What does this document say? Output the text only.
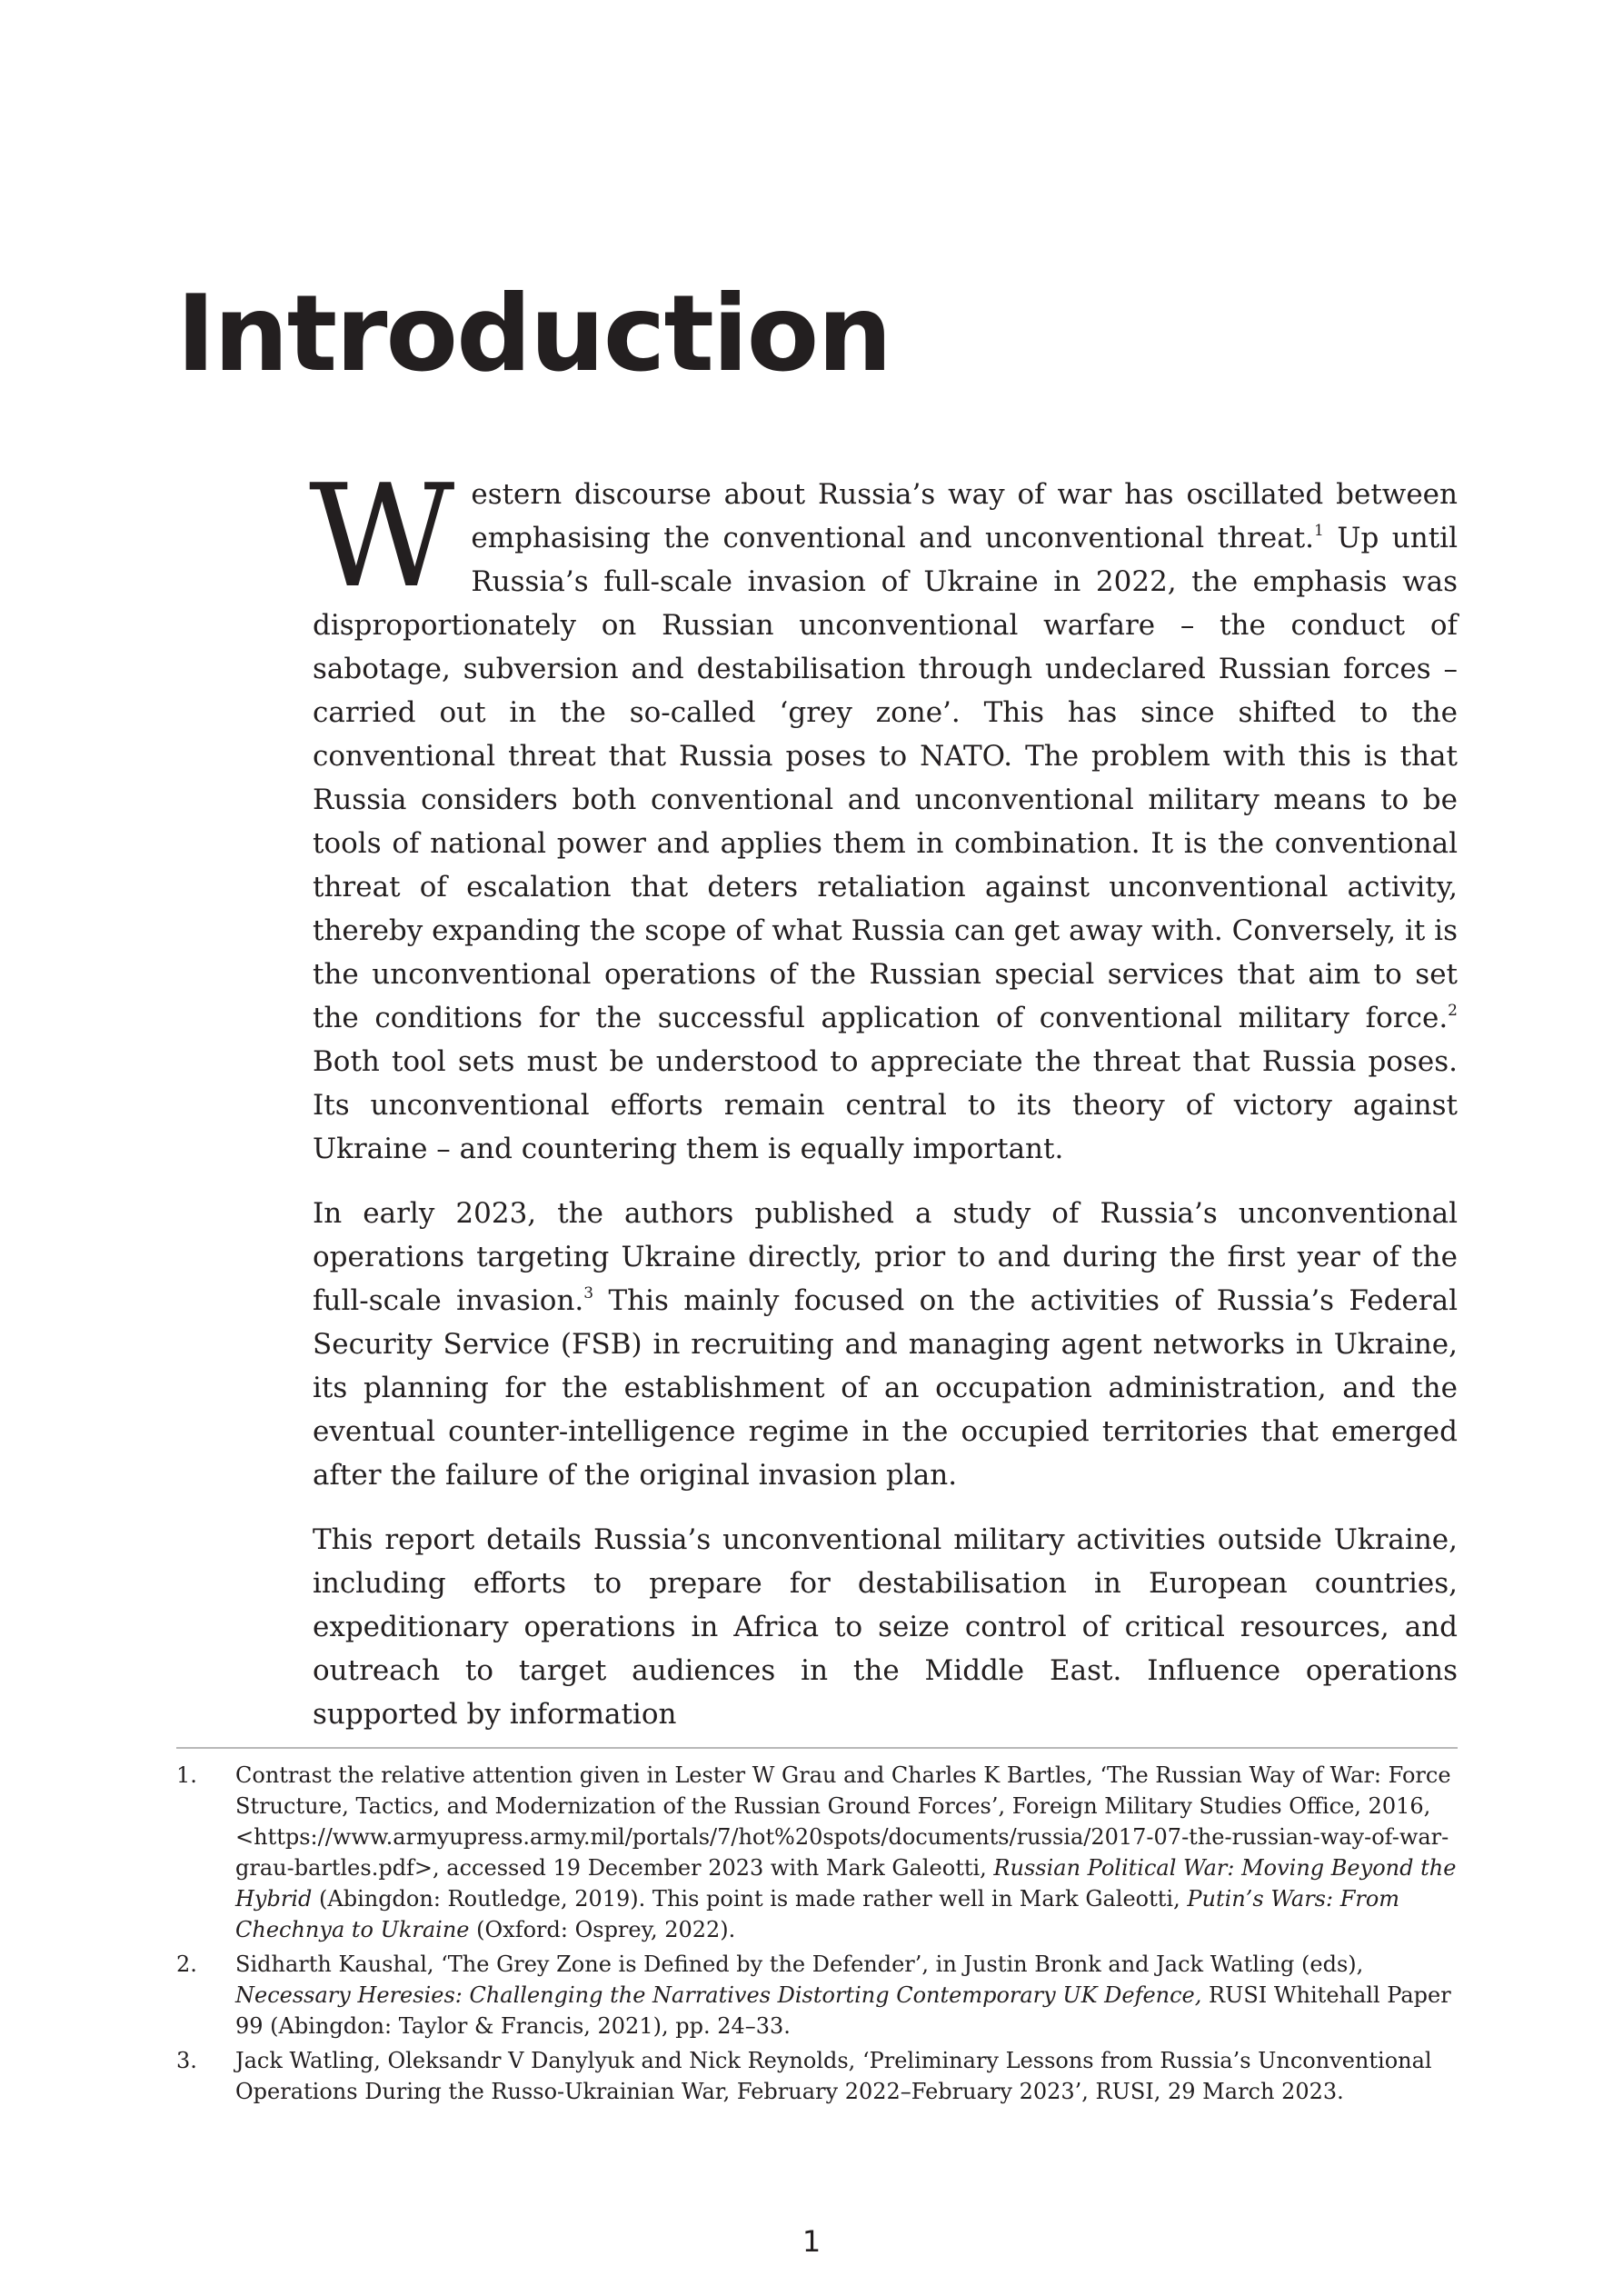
Introduction

Western discourse about Russia’s way of war has oscillated between emphasising the conventional and unconventional threat.$^1$ Up until Russia’s full-scale invasion of Ukraine in 2022, the emphasis was disproportionately on Russian unconventional warfare – the conduct of sabotage, subversion and destabilisation through undeclared Russian forces – carried out in the so-called ‘grey zone’. This has since shifted to the conventional threat that Russia poses to NATO. The problem with this is that Russia considers both conventional and unconventional military means to be tools of national power and applies them in combination. It is the conventional threat of escalation that deters retaliation against unconventional activity, thereby expanding the scope of what Russia can get away with. Conversely, it is the unconventional operations of the Russian special services that aim to set the conditions for the successful application of conventional military force.$^2$ Both tool sets must be understood to appreciate the threat that Russia poses. Its unconventional efforts remain central to its theory of victory against Ukraine – and countering them is equally important.

In early 2023, the authors published a study of Russia’s unconventional operations targeting Ukraine directly, prior to and during the first year of the full-scale invasion.$^3$ This mainly focused on the activities of Russia’s Federal Security Service (FSB) in recruiting and managing agent networks in Ukraine, its planning for the establishment of an occupation administration, and the eventual counter-intelligence regime in the occupied territories that emerged after the failure of the original invasion plan.

This report details Russia’s unconventional military activities outside Ukraine, including efforts to prepare for destabilisation in European countries, expeditionary operations in Africa to seize control of critical resources, and outreach to target audiences in the Middle East. Influence operations supported by information

1.	Contrast the relative attention given in Lester W Grau and Charles K Bartles, ‘The Russian Way of War: Force Structure, Tactics, and Modernization of the Russian Ground Forces’, Foreign Military Studies Office, 2016, <https://www.armyupress.army.mil/portals/7/hot%20spots/documents/russia/2017-07-the-russian-way-of-war-grau-bartles.pdf>, accessed 19 December 2023 with Mark Galeotti, Russian Political War: Moving Beyond the Hybrid (Abingdon: Routledge, 2019). This point is made rather well in Mark Galeotti, Putin’s Wars: From Chechnya to Ukraine (Oxford: Osprey, 2022).
2.	Sidharth Kaushal, ‘The Grey Zone is Defined by the Defender’, in Justin Bronk and Jack Watling (eds), Necessary Heresies: Challenging the Narratives Distorting Contemporary UK Defence, RUSI Whitehall Paper 99 (Abingdon: Taylor & Francis, 2021), pp. 24–33.
3.	Jack Watling, Oleksandr V Danylyuk and Nick Reynolds, ‘Preliminary Lessons from Russia’s Unconventional Operations During the Russo-Ukrainian War, February 2022–February 2023’, RUSI, 29 March 2023.
1
